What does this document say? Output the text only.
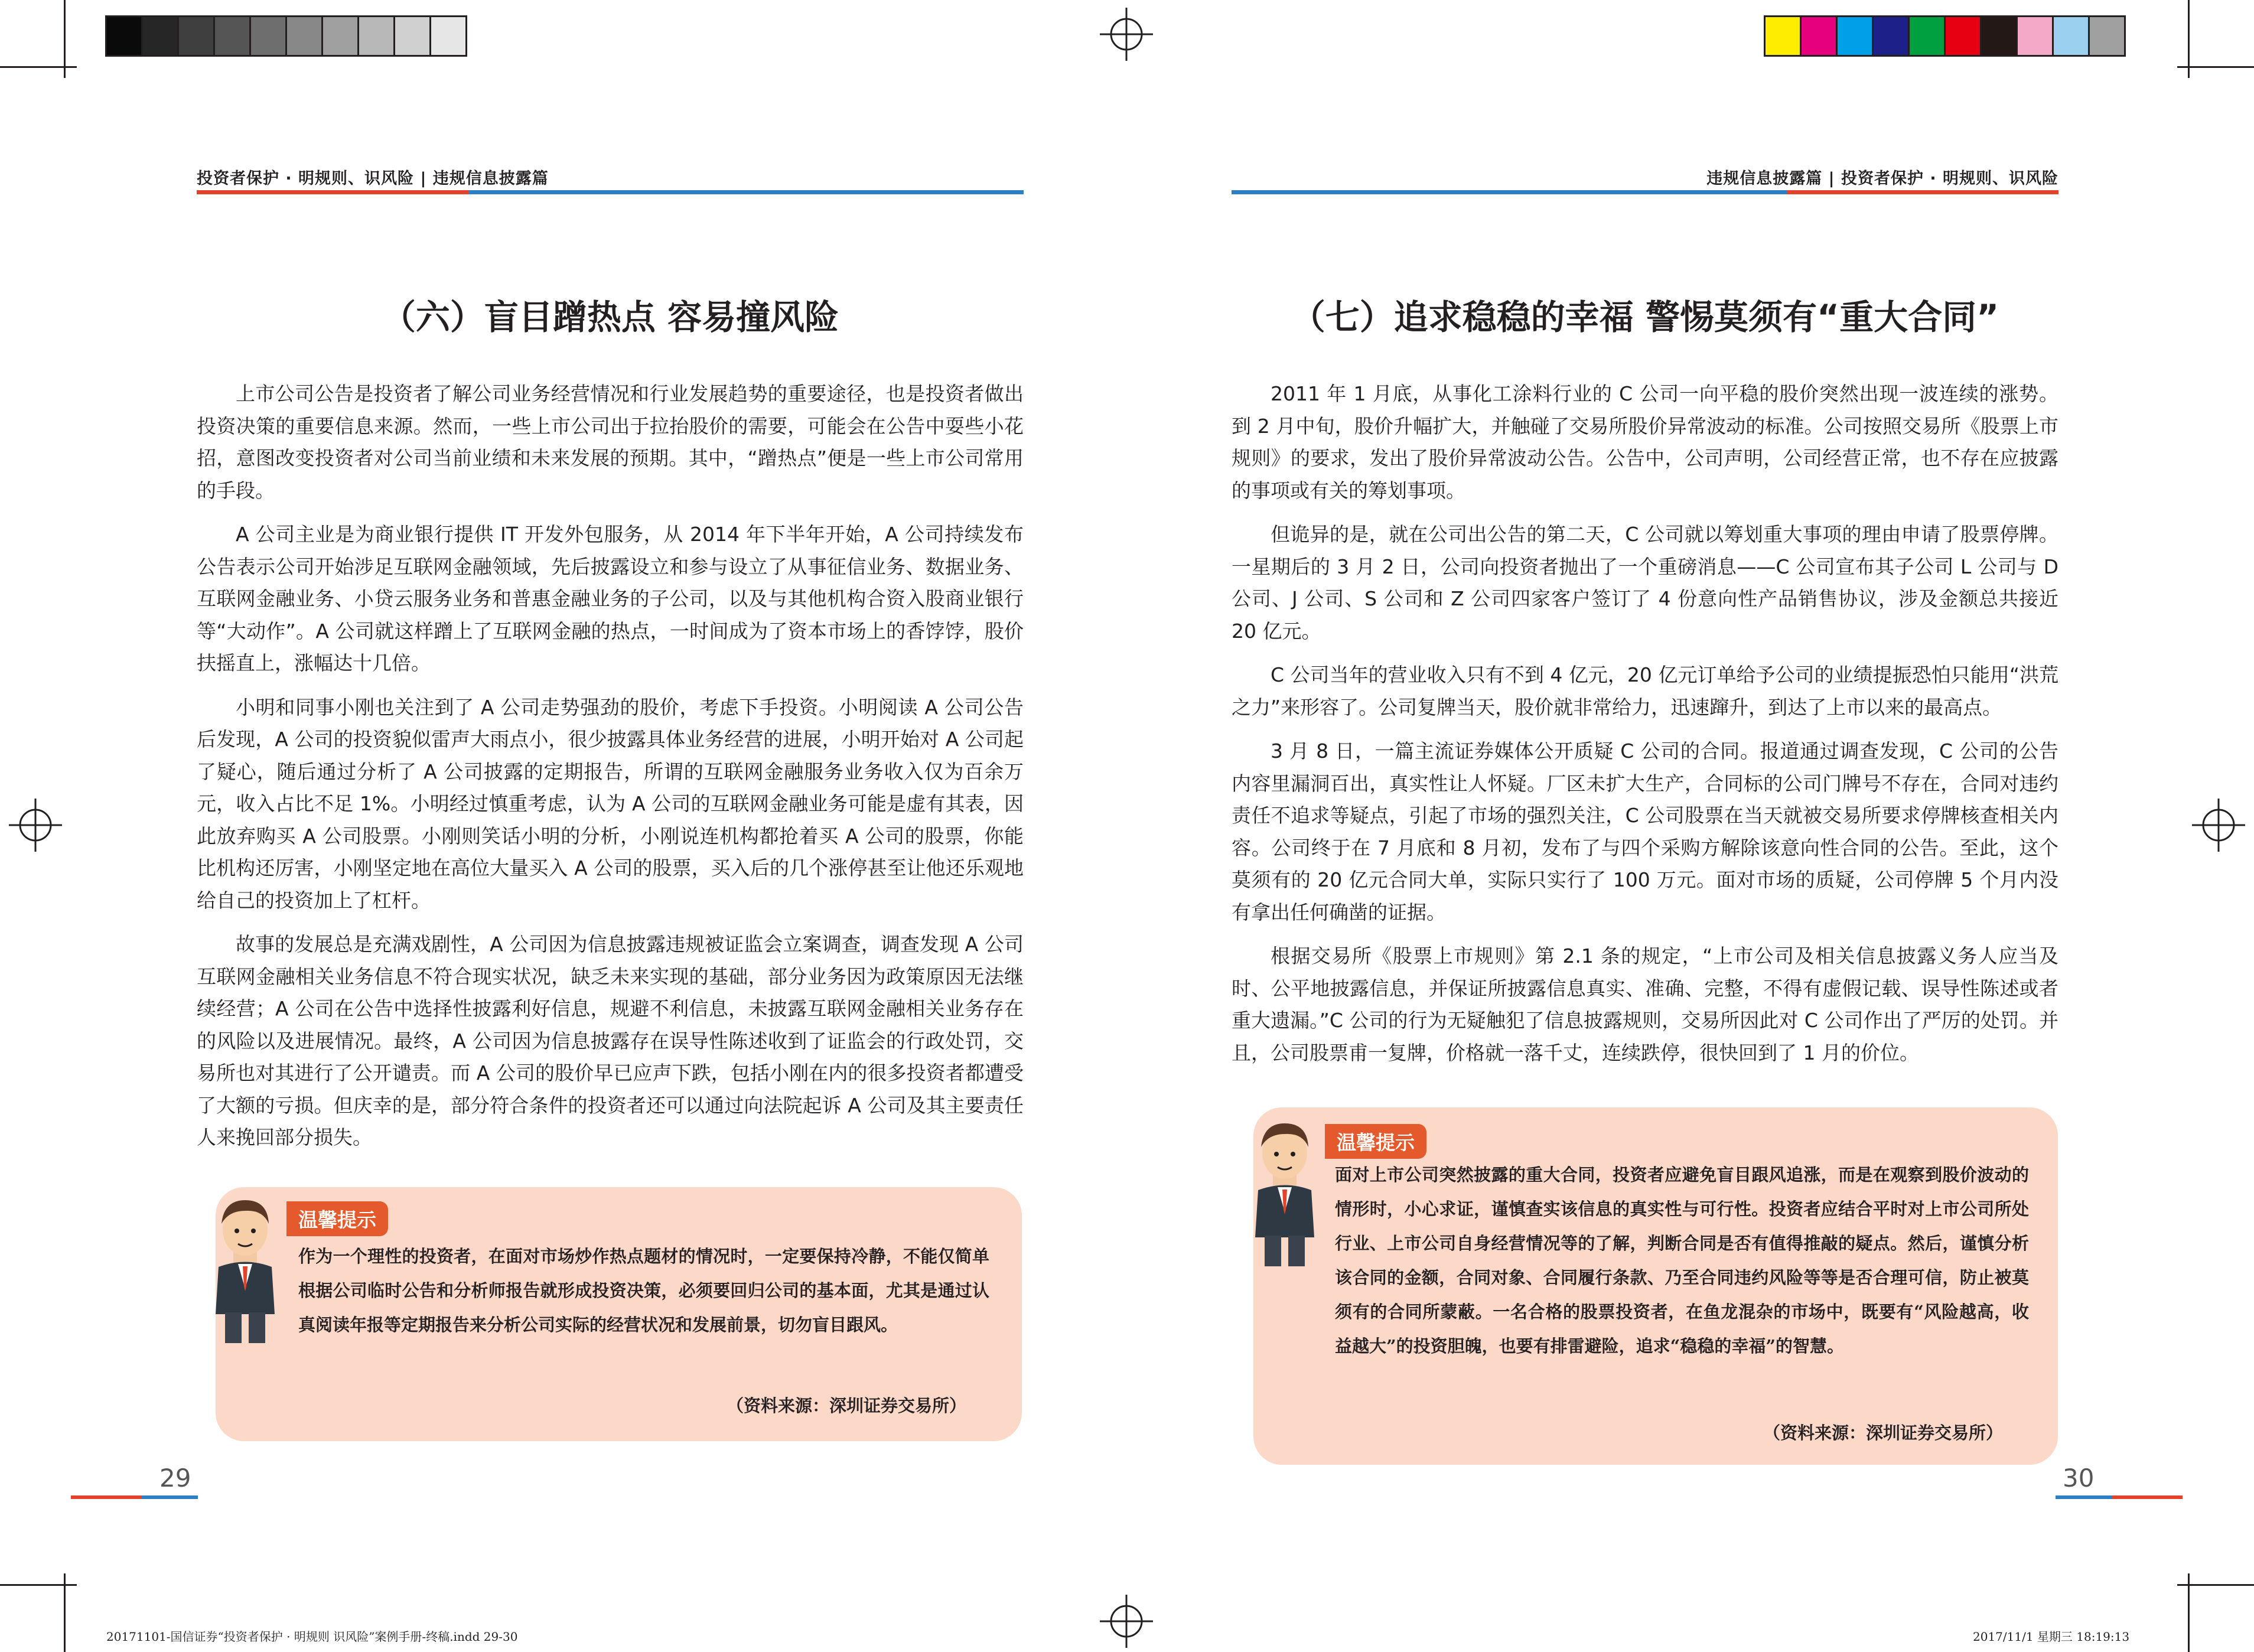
投资者保护 · 明规则、识风险 | 违规信息披露篇
（六）盲目蹭热点 容易撞风险

上市公司公告是投资者了解公司业务经营情况和行业发展趋势的重要途径，也是投资者做出投资决策的重要信息来源。然而，一些上市公司出于拉抬股价的需要，可能会在公告中耍些小花招，意图改变投资者对公司当前业绩和未来发展的预期。其中，“蹭热点”便是一些上市公司常用的手段。

A 公司主业是为商业银行提供 IT 开发外包服务，从 2014 年下半年开始，A 公司持续发布公告表示公司开始涉足互联网金融领域，先后披露设立和参与设立了从事征信业务、数据业务、互联网金融业务、小贷云服务业务和普惠金融业务的子公司，以及与其他机构合资入股商业银行等“大动作”。A 公司就这样蹭上了互联网金融的热点，一时间成为了资本市场上的香饽饽，股价扶摇直上，涨幅达十几倍。

小明和同事小刚也关注到了 A 公司走势强劲的股价，考虑下手投资。小明阅读 A 公司公告后发现，A 公司的投资貌似雷声大雨点小，很少披露具体业务经营的进展，小明开始对 A 公司起了疑心，随后通过分析了 A 公司披露的定期报告，所谓的互联网金融服务业务收入仅为百余万元，收入占比不足 1%。小明经过慎重考虑，认为 A 公司的互联网金融业务可能是虚有其表，因此放弃购买 A 公司股票。小刚则笑话小明的分析，小刚说连机构都抢着买 A 公司的股票，你能比机构还厉害，小刚坚定地在高位大量买入 A 公司的股票，买入后的几个涨停甚至让他还乐观地给自己的投资加上了杠杆。

故事的发展总是充满戏剧性，A 公司因为信息披露违规被证监会立案调查，调查发现 A 公司互联网金融相关业务信息不符合现实状况，缺乏未来实现的基础，部分业务因为政策原因无法继续经营；A 公司在公告中选择性披露利好信息，规避不利信息，未披露互联网金融相关业务存在的风险以及进展情况。最终，A 公司因为信息披露存在误导性陈述收到了证监会的行政处罚，交易所也对其进行了公开谴责。而 A 公司的股价早已应声下跌，包括小刚在内的很多投资者都遭受了大额的亏损。但庆幸的是，部分符合条件的投资者还可以通过向法院起诉 A 公司及其主要责任人来挽回部分损失。

温馨提示
作为一个理性的投资者，在面对市场炒作热点题材的情况时，一定要保持冷静，不能仅简单根据公司临时公告和分析师报告就形成投资决策，必须要回归公司的基本面，尤其是通过认真阅读年报等定期报告来分析公司实际的经营状况和发展前景，切勿盲目跟风。
（资料来源：深圳证券交易所）
29
违规信息披露篇 | 投资者保护 · 明规则、识风险
（七）追求稳稳的幸福 警惕莫须有“重大合同”

2011 年 1 月底，从事化工涂料行业的 C 公司一向平稳的股价突然出现一波连续的涨势。到 2 月中旬，股价升幅扩大，并触碰了交易所股价异常波动的标准。公司按照交易所《股票上市规则》的要求，发出了股价异常波动公告。公告中，公司声明，公司经营正常，也不存在应披露的事项或有关的筹划事项。

但诡异的是，就在公司出公告的第二天，C 公司就以筹划重大事项的理由申请了股票停牌。一星期后的 3 月 2 日，公司向投资者抛出了一个重磅消息——C 公司宣布其子公司 L 公司与 D 公司、J 公司、S 公司和 Z 公司四家客户签订了 4 份意向性产品销售协议，涉及金额总共接近 20 亿元。

C 公司当年的营业收入只有不到 4 亿元，20 亿元订单给予公司的业绩提振恐怕只能用“洪荒之力”来形容了。公司复牌当天，股价就非常给力，迅速蹿升，到达了上市以来的最高点。

3 月 8 日，一篇主流证券媒体公开质疑 C 公司的合同。报道通过调查发现，C 公司的公告内容里漏洞百出，真实性让人怀疑。厂区未扩大生产，合同标的公司门牌号不存在，合同对违约责任不追求等疑点，引起了市场的强烈关注，C 公司股票在当天就被交易所要求停牌核查相关内容。公司终于在 7 月底和 8 月初，发布了与四个采购方解除该意向性合同的公告。至此，这个莫须有的 20 亿元合同大单，实际只实行了 100 万元。面对市场的质疑，公司停牌 5 个月内没有拿出任何确凿的证据。

根据交易所《股票上市规则》第 2.1 条的规定，“上市公司及相关信息披露义务人应当及时、公平地披露信息，并保证所披露信息真实、准确、完整，不得有虚假记载、误导性陈述或者重大遗漏。”C 公司的行为无疑触犯了信息披露规则，交易所因此对 C 公司作出了严厉的处罚。并且，公司股票甫一复牌，价格就一落千丈，连续跌停，很快回到了 1 月的价位。

温馨提示
面对上市公司突然披露的重大合同，投资者应避免盲目跟风追涨，而是在观察到股价波动的情形时，小心求证，谨慎查实该信息的真实性与可行性。投资者应结合平时对上市公司所处行业、上市公司自身经营情况等的了解，判断合同是否有值得推敲的疑点。然后，谨慎分析该合同的金额，合同对象、合同履行条款、乃至合同违约风险等等是否合理可信，防止被莫须有的合同所蒙蔽。一名合格的股票投资者，在鱼龙混杂的市场中，既要有“风险越高，收益越大”的投资胆魄，也要有排雷避险，追求“稳稳的幸福”的智慧。
（资料来源：深圳证券交易所）
30
20171101-国信证券“投资者保护 · 明规则 识风险”案例手册-终稿.indd 29-30	2017/11/1 星期三 18:19:13
